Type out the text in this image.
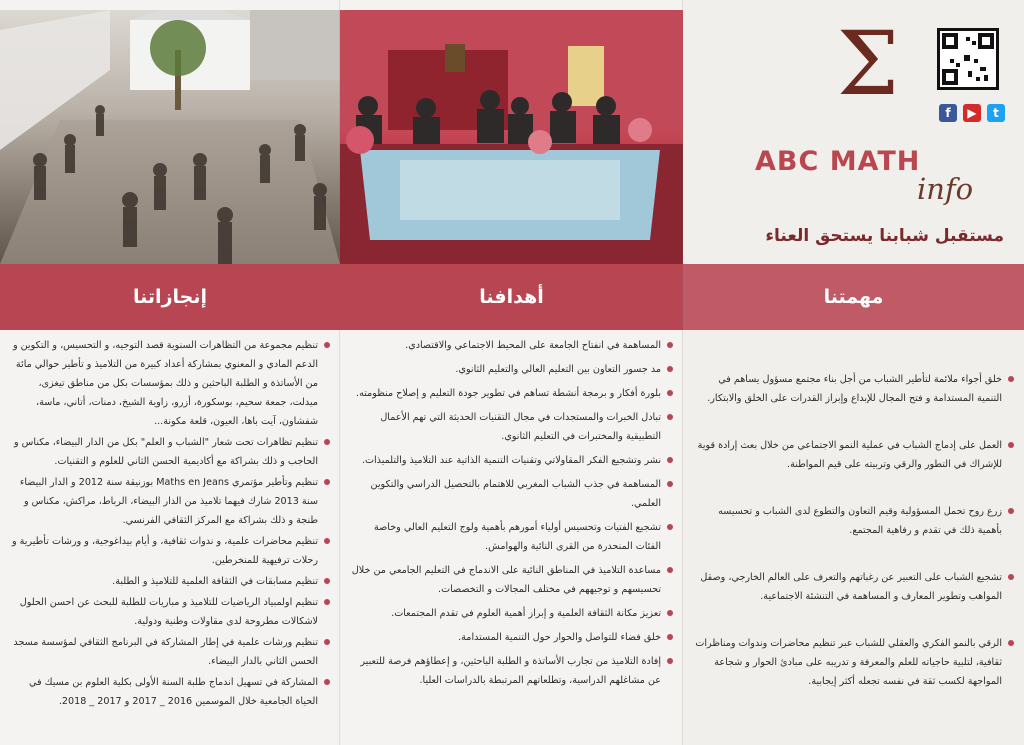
إنجازاتنا
تنظيم مجموعة من التظاهرات السنوية قصد التوجيه، و التحسيس، و التكوين و الدعم المادي و المعنوي بمشاركة أعداد كبيرة من التلاميذ و تأطير حوالي مائة من الأساتذة و الطلبة الباحثين و ذلك بمؤسسات بكل من مناطق تيغزى، ميدلت، جمعة سحيم، بوسكورة، أزرو، زاوية الشيخ، دمنات، أتاني، ماسة، شفشاون، آيت باها، العيون، قلعة مكونة...
تنظيم تظاهرات تحت شعار "الشباب و العلم" بكل من الدار البيضاء، مكناس و الحاجب و ذلك بشراكة مع أكاديمية الحسن الثاني للعلوم و التقنيات.
تنظيم وتأطير مؤتمري Maths en Jeans بوزنيقة سنة 2012 و الدار البيضاء سنة 2013 شارك فيهما تلاميذ من الدار البيضاء، الرباط، مراكش، مكناس و طنجة و ذلك بشراكة مع المركز الثقافي الفرنسي.
تنظيم محاضرات علمية، و ندوات ثقافية، و أيام بيداغوجية، و ورشات تأطيرية و رحلات ترفيهية للمنخرطين.
تنظيم مسابقات في الثقافة العلمية للتلاميذ و الطلبة.
تنظيم اولمبياد الرياضيات للتلاميذ و مباريات للطلبة للبحث عن احسن الحلول لاشكالات مطروحة لدى مقاولات وطنية ودولية.
تنظيم ورشات علمية في إطار المشاركة في البرنامج الثقافي لمؤسسة مسجد الحسن الثاني بالدار البيضاء.
المشاركة في تسهيل اندماج طلبة السنة الأولى بكلية العلوم بن مسيك في الحياة الجامعية خلال الموسمين 2016 _ 2017 و 2017 _ 2018.
أهدافنا
المساهمة في انفتاح الجامعة على المحيط الاجتماعي والاقتصادي.
مد جسور التعاون بين التعليم العالي والتعليم الثانوي.
بلورة أفكار و برمجة أنشطة تساهم في تطوير جودة التعليم و إصلاح منظومته.
تبادل الخبرات والمستجدات في مجال التقنيات الحديثة التي تهم الأعمال التطبيقية والمختبرات في التعليم الثانوي.
نشر وتشجيع الفكر المقاولاتي وتقنيات التنمية الذاتية عند التلاميذ والتلميذات.
المساهمة في جذب الشباب المغربي للاهتمام بالتحصيل الدراسي والتكوين العلمي.
تشجيع الفتيات وتحسيس أولياء أمورهم بأهمية ولوج التعليم العالي وخاصة الفئات المنحدرة من القرى النائية والهوامش.
مساعدة التلاميذ في المناطق النائية على الاندماج في التعليم الجامعي من خلال تحسيسهم و توجيههم في مختلف المجالات و التخصصات.
تعزيز مكانة الثقافة العلمية و إبراز أهمية العلوم في تقدم المجتمعات.
خلق فضاء للتواصل والحوار حول التنمية المستدامة.
إفادة التلاميذ من تجارب الأساتذة و الطلبة الباحثين، و إعطاؤهم فرصة للتعبير عن مشاغلهم الدراسية، وتطلعاتهم المرتبطة بالدراسات العليا.
Σ	f	▶	t
ABC MATH
info
مستقبل شبابنا يستحق العناء
مهمتنا
خلق أجواء ملائمة لتأطير الشباب من أجل بناء مجتمع مسؤول يساهم في التنمية المستدامة و فتح المجال للإبداع وإبراز القدرات على الخلق والابتكار.
العمل على إدماج الشباب في عملية النمو الاجتماعي من خلال بعث إرادة قوية للإشراك في التطور والرقي وتربيته على قيم المواطنة.
زرع روح تحمل المسؤولية وقيم التعاون والتطوع لدى الشباب و تحسيسه بأهمية ذلك في تقدم و رفاهية المجتمع.
تشجيع الشباب على التعبير عن رغباتهم والتعرف على العالم الخارجي، وصقل المواهب وتطوير المعارف و المساهمة في التنشئة الاجتماعية.
الرقي بالنمو الفكري والعقلي للشباب عبر تنظيم محاضرات وندوات ومناظرات ثقافية، لتلبية حاجياته للعلم والمعرفة و تدريبه على مبادئ الحوار و شجاعة المواجهة لكسب ثقة في نفسه تجعله أكثر إيجابية.
